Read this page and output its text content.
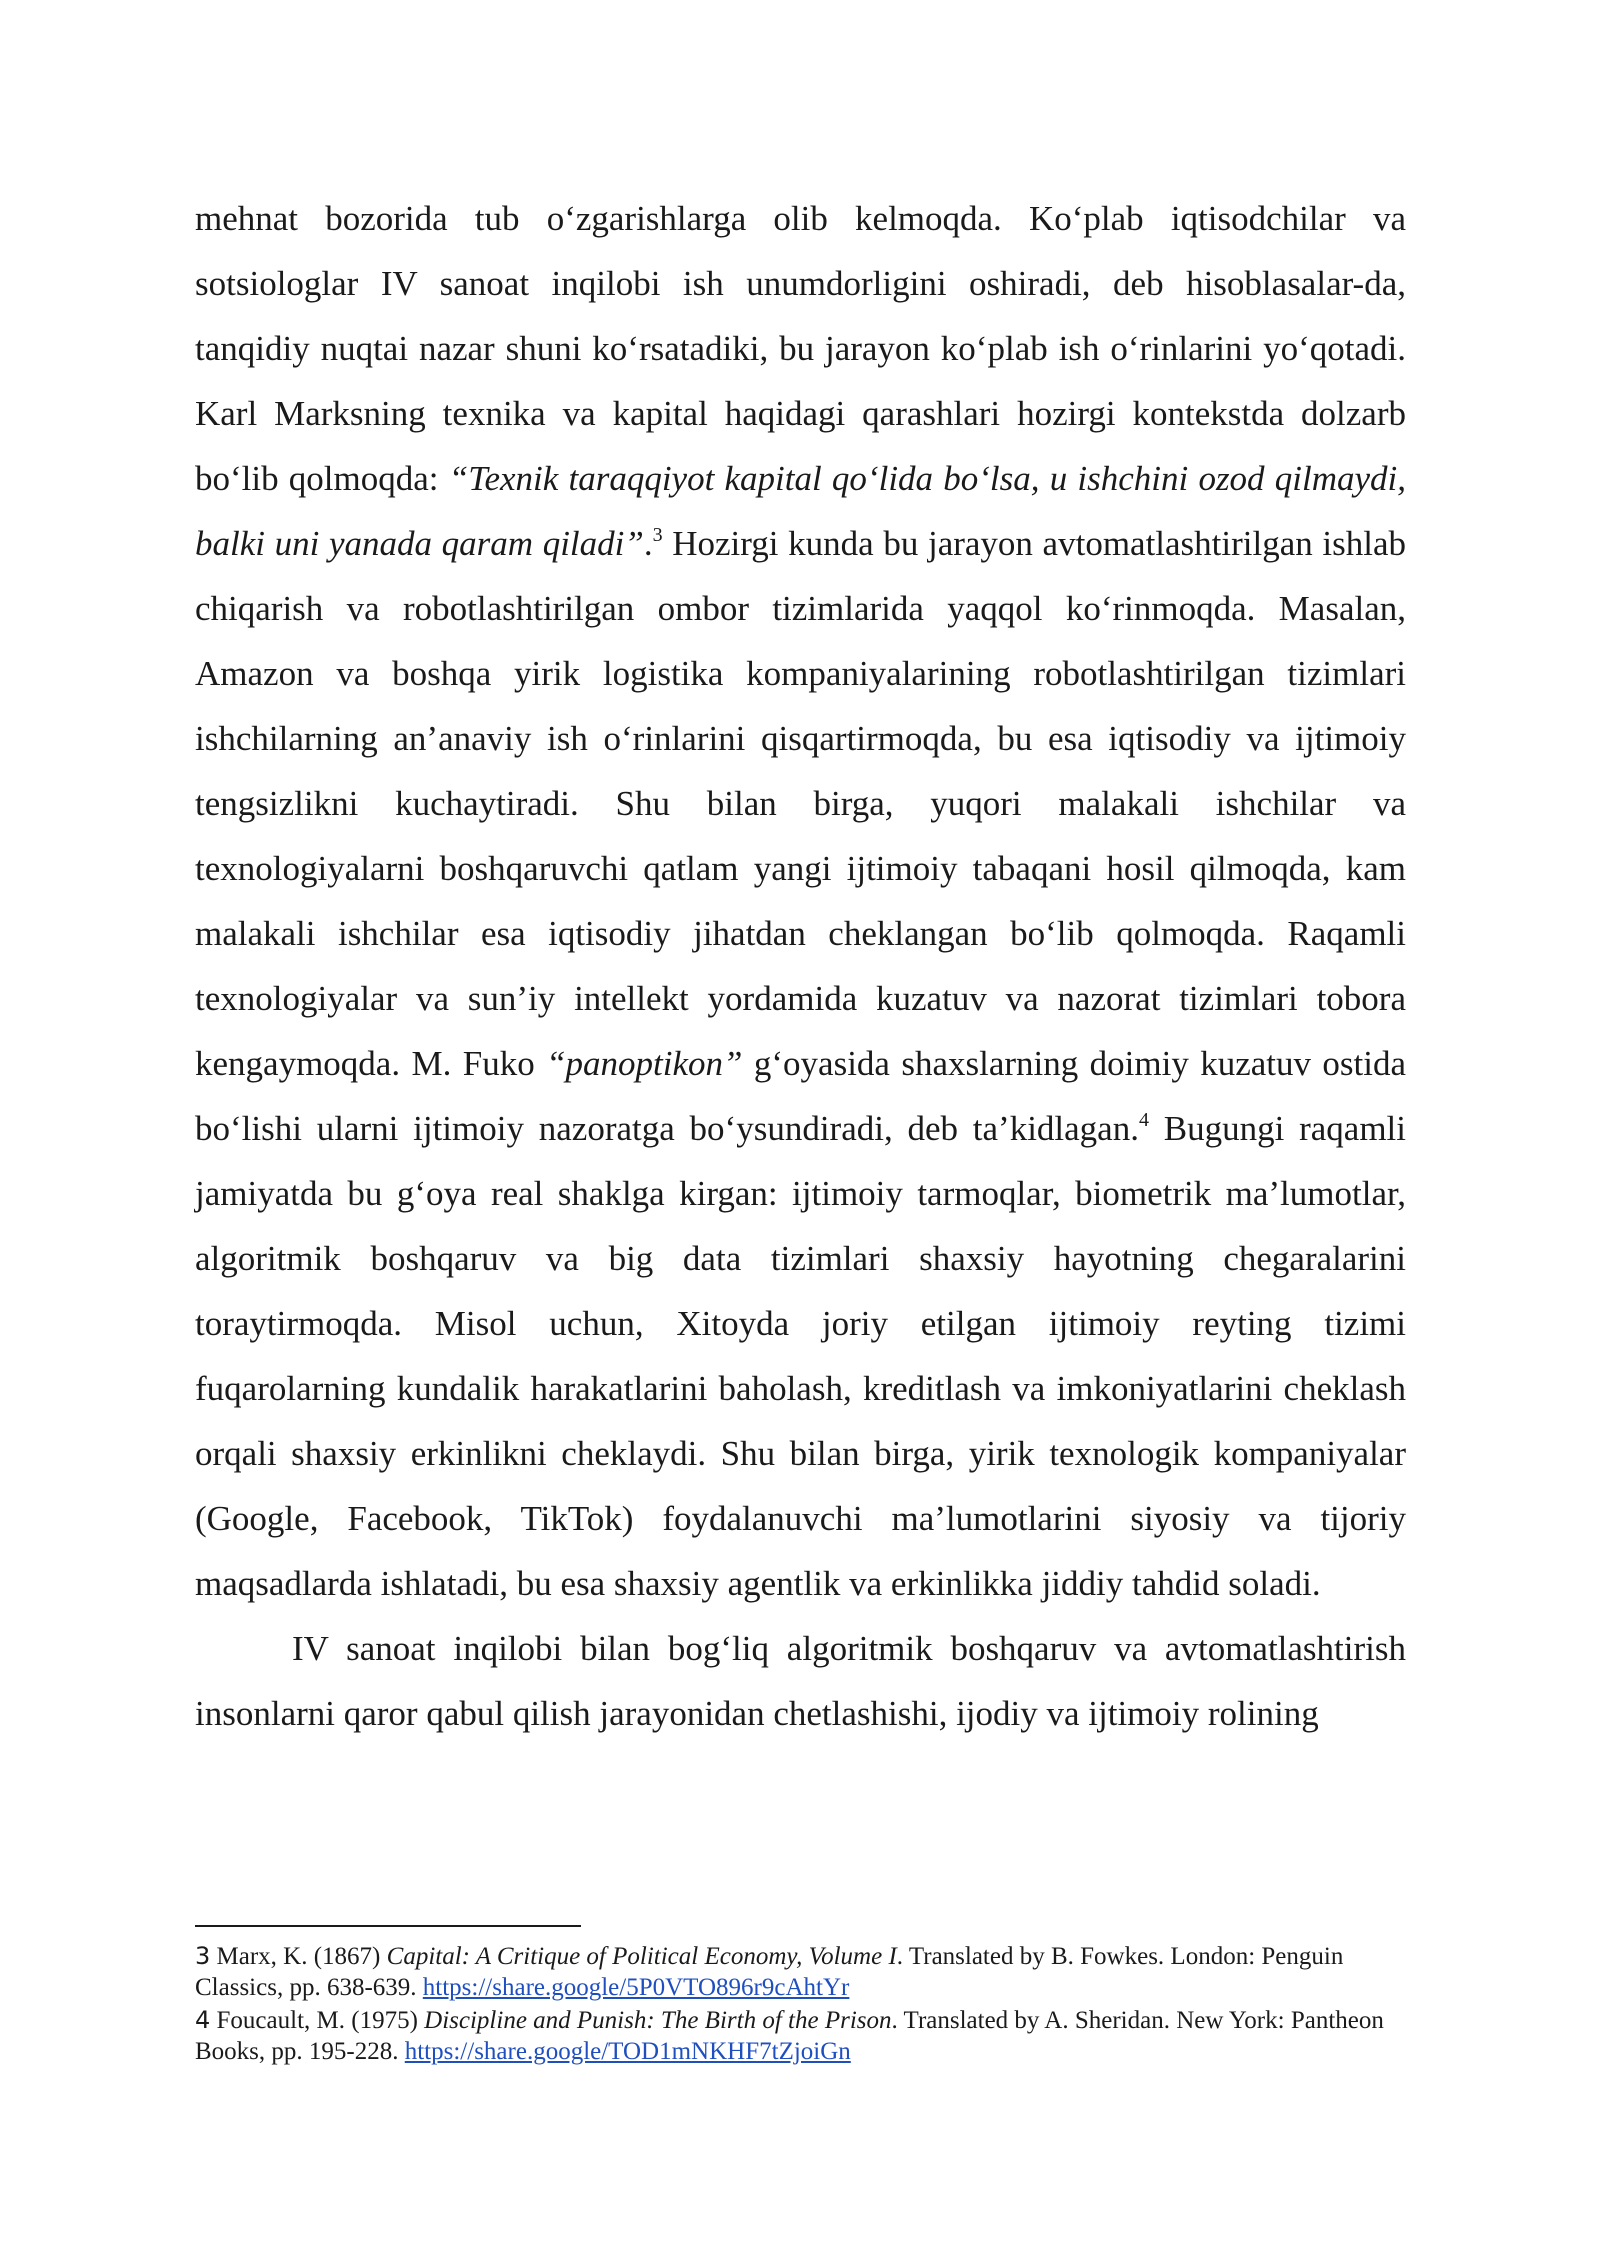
mehnat bozorida tub o‘zgarishlarga olib kelmoqda. Ko‘plab iqtisodchilar va sotsiologlar IV sanoat inqilobi ish unumdorligini oshiradi, deb hisoblasalar-da, tanqidiy nuqtai nazar shuni ko‘rsatadiki, bu jarayon ko‘plab ish o‘rinlarini yo‘qotadi. Karl Marksning texnika va kapital haqidagi qarashlari hozirgi kontekstda dolzarb bo‘lib qolmoqda: “Texnik taraqqiyot kapital qo‘lida bo‘lsa, u ishchini ozod qilmaydi, balki uni yanada qaram qiladi”.$^3$ Hozirgi kunda bu jarayon avtomatlashtirilgan ishlab chiqarish va robotlashtirilgan ombor tizimlarida yaqqol ko‘rinmoqda. Masalan, Amazon va boshqa yirik logistika kompaniyalarining robotlashtirilgan tizimlari ishchilarning an’anaviy ish o‘rinlarini qisqartirmoqda, bu esa iqtisodiy va ijtimoiy tengsizlikni kuchaytiradi. Shu bilan birga, yuqori malakali ishchilar va texnologiyalarni boshqaruvchi qatlam yangi ijtimoiy tabaqani hosil qilmoqda, kam malakali ishchilar esa iqtisodiy jihatdan cheklangan bo‘lib qolmoqda. Raqamli texnologiyalar va sun’iy intellekt yordamida kuzatuv va nazorat tizimlari tobora kengaymoqda. M. Fuko “panoptikon” g‘oyasida shaxslarning doimiy kuzatuv ostida bo‘lishi ularni ijtimoiy nazoratga bo‘ysundiradi, deb ta’kidlagan.$^4$ Bugungi raqamli jamiyatda bu g‘oya real shaklga kirgan: ijtimoiy tarmoqlar, biometrik ma’lumotlar, algoritmik boshqaruv va big data tizimlari shaxsiy hayotning chegaralarini toraytirmoqda. Misol uchun, Xitoyda joriy etilgan ijtimoiy reyting tizimi fuqarolarning kundalik harakatlarini baholash, kreditlash va imkoniyatlarini cheklash orqali shaxsiy erkinlikni cheklaydi. Shu bilan birga, yirik texnologik kompaniyalar (Google, Facebook, TikTok) foydalanuvchi ma’lumotlarini siyosiy va tijoriy maqsadlarda ishlatadi, bu esa shaxsiy agentlik va erkinlikka jiddiy tahdid soladi.

IV sanoat inqilobi bilan bog‘liq algoritmik boshqaruv va avtomatlashtirish insonlarni qaror qabul qilish jarayonidan chetlashishi, ijodiy va ijtimoiy rolining

3 Marx, K. (1867) Capital: A Critique of Political Economy, Volume I. Translated by B. Fowkes. London: Penguin Classics, pp. 638-639. https://share.google/5P0VTO896r9cAhtYr

4 Foucault, M. (1975) Discipline and Punish: The Birth of the Prison. Translated by A. Sheridan. New York: Pantheon Books, pp. 195-228. https://share.google/TOD1mNKHF7tZjoiGn
